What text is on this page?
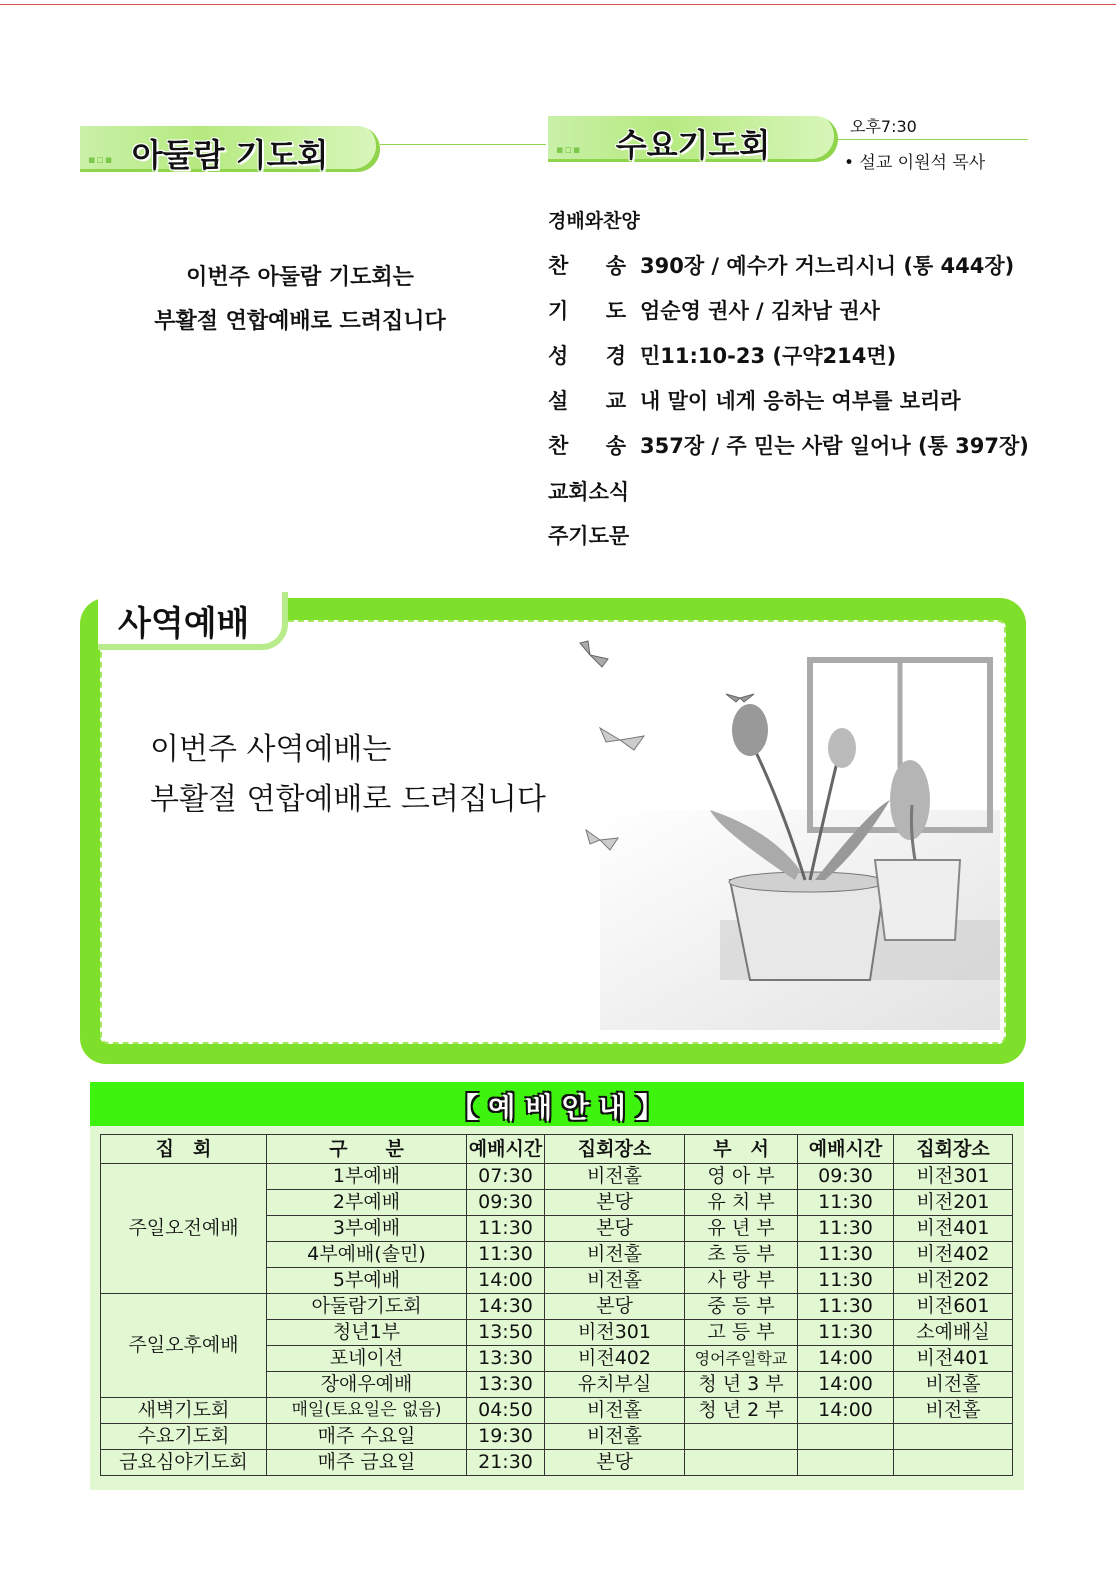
▪▫▪ 아둘람 기도회
이번주 아둘람 기도회는
부활절 연합예배로 드려집니다
▪▫▪	수요기도회	오후7:30
• 설교 이원석 목사
경배와찬양
찬 송 390장 / 예수가 거느리시니 (통 444장)
기 도 엄순영 권사 / 김차남 권사
성 경 민11:10-23 (구약214면)
설 교 내 말이 네게 응하는 여부를 보리라
찬 송 357장 / 주 믿는 사람 일어나 (통 397장)
교회소식
주기도문
사역예배
이번주 사역예배는
부활절 연합예배로 드려집니다
【 예 배 안 내 】
집　회	구　　분	예배시간	집회장소	부　서	예배시간	집회장소
주일오전예배	1부예배	07:30	비전홀	영 아 부	09:30	비전301
	2부예배	09:30	본당	유 치 부	11:30	비전201
	3부예배	11:30	본당	유 년 부	11:30	비전401
	4부예배(솔민)	11:30	비전홀	초 등 부	11:30	비전402
	5부예배	14:00	비전홀	사 랑 부	11:30	비전202
주일오후예배	아둘람기도회	14:30	본당	중 등 부	11:30	비전601
	청년1부	13:50	비전301	고 등 부	11:30	소예배실
	포네이션	13:30	비전402	영어주일학교	14:00	비전401
	장애우예배	13:30	유치부실	청 년 3 부	14:00	비전홀
새벽기도회	매일(토요일은 없음)	04:50	비전홀	청 년 2 부	14:00	비전홀
수요기도회	매주 수요일	19:30	비전홀			
금요심야기도회	매주 금요일	21:30	본당			
